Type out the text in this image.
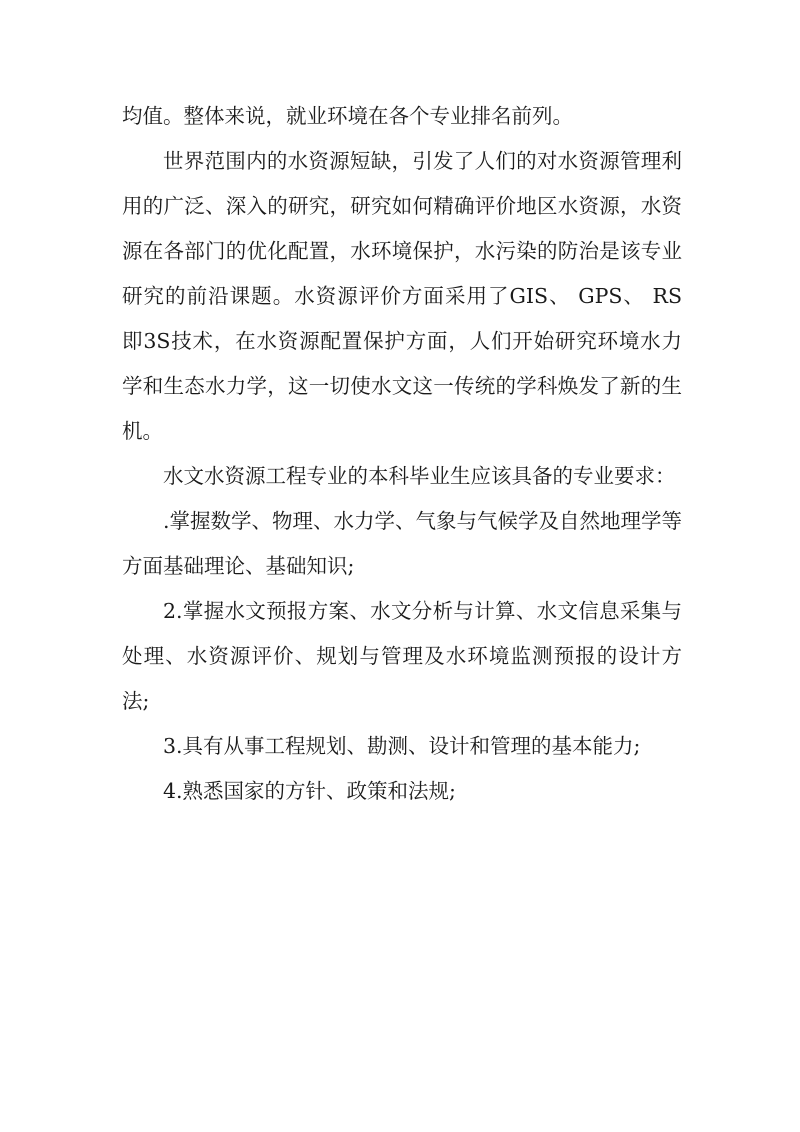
均值。整体来说，就业环境在各个专业排名前列。

世界范围内的水资源短缺，引发了人们的对水资源管理利用的广泛、深入的研究，研究如何精确评价地区水资源，水资源在各部门的优化配置，水环境保护，水污染的防治是该专业研究的前沿课题。水资源评价方面采用了GIS、 GPS、 RS 即3S技术，在水资源配置保护方面，人们开始研究环境水力学和生态水力学，这一切使水文这一传统的学科焕发了新的生机。

水文水资源工程专业的本科毕业生应该具备的专业要求：

.掌握数学、物理、水力学、气象与气候学及自然地理学等方面基础理论、基础知识;

2.掌握水文预报方案、水文分析与计算、水文信息采集与处理、水资源评价、规划与管理及水环境监测预报的设计方法;

3.具有从事工程规划、勘测、设计和管理的基本能力;

4.熟悉国家的方针、政策和法规;
